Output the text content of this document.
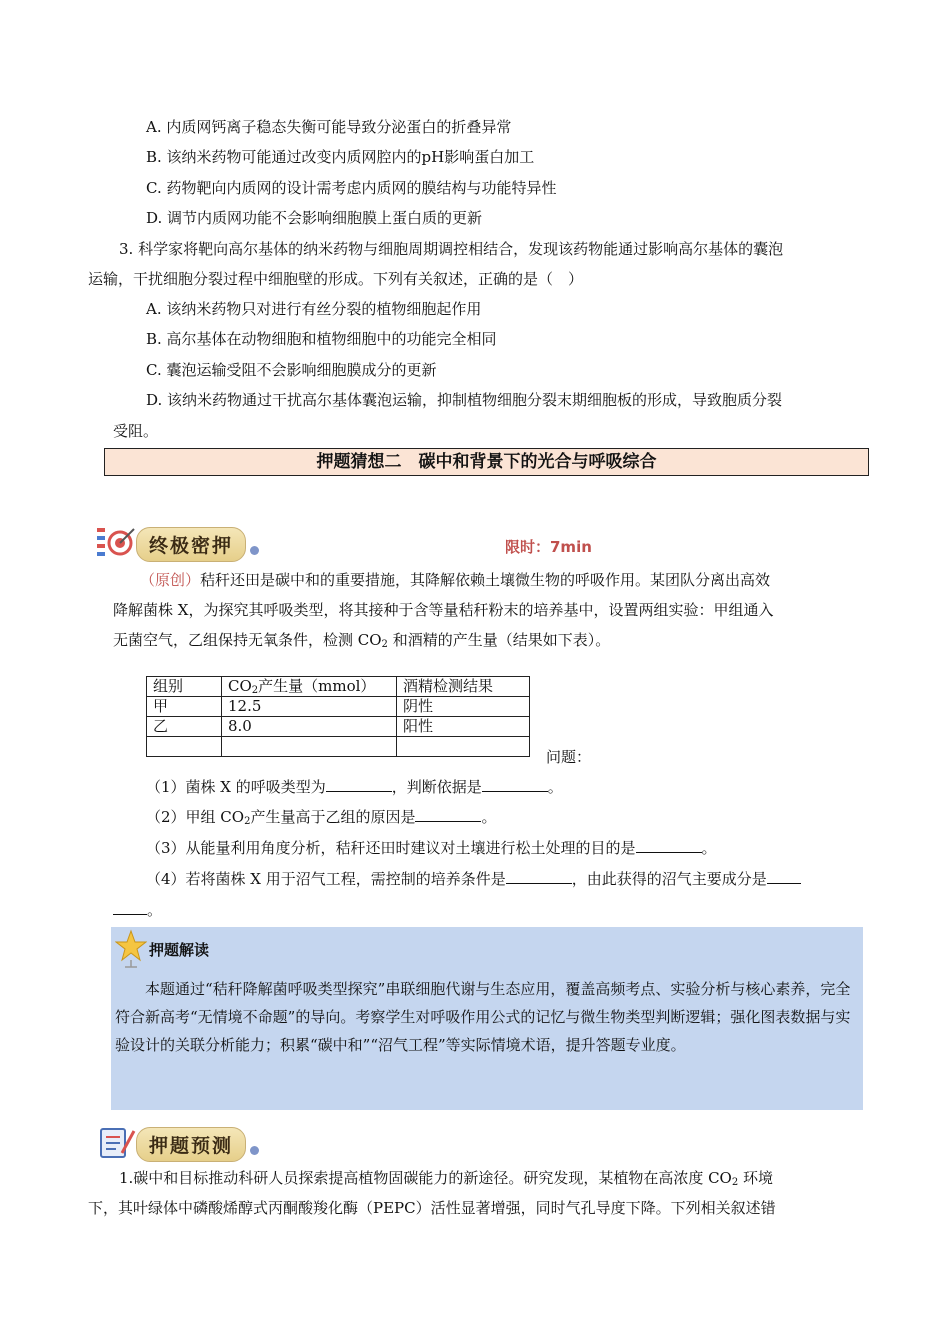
A. 内质网钙离子稳态失衡可能导致分泌蛋白的折叠异常
B. 该纳米药物可能通过改变内质网腔内的pH影响蛋白加工
C. 药物靶向内质网的设计需考虑内质网的膜结构与功能特异性
D. 调节内质网功能不会影响细胞膜上蛋白质的更新
3. 科学家将靶向高尔基体的纳米药物与细胞周期调控相结合，发现该药物能通过影响高尔基体的囊泡
运输，干扰细胞分裂过程中细胞壁的形成。下列有关叙述，正确的是（　）
A. 该纳米药物只对进行有丝分裂的植物细胞起作用
B. 高尔基体在动物细胞和植物细胞中的功能完全相同
C. 囊泡运输受阻不会影响细胞膜成分的更新
D. 该纳米药物通过干扰高尔基体囊泡运输，抑制植物细胞分裂末期细胞板的形成，导致胞质分裂
受阻。
押题猜想二　碳中和背景下的光合与呼吸综合
终极密押	限时：7min
（原创）秸秆还田是碳中和的重要措施，其降解依赖土壤微生物的呼吸作用。某团队分离出高效
降解菌株 X，为探究其呼吸类型，将其接种于含等量秸秆粉末的培养基中，设置两组实验：甲组通入
无菌空气，乙组保持无氧条件，检测 $CO_2$ 和酒精的产生量（结果如下表）。
组别	$CO_2$产生量（mmol）	酒精检测结果
甲	12.5	阴性
乙	8.0	阳性

问题：
（1）菌株 X 的呼吸类型为	，判断依据是	。
（2）甲组 $CO_2$产生量高于乙组的原因是	。
（3）从能量利用角度分析，秸秆还田时建议对土壤进行松土处理的目的是	。
（4）若将菌株 X 用于沼气工程，需控制的培养条件是	，由此获得的沼气主要成分是
。
押题解读
本题通过“秸秆降解菌呼吸类型探究”串联细胞代谢与生态应用，覆盖高频考点、实验分析与核心素养，完全符合新高考“无情境不命题”的导向。考察学生对呼吸作用公式的记忆与微生物类型判断逻辑；强化图表数据与实验设计的关联分析能力；积累“碳中和”“沼气工程”等实际情境术语，提升答题专业度。
押题预测
1.碳中和目标推动科研人员探索提高植物固碳能力的新途径。研究发现，某植物在高浓度 $CO_2$ 环境
下，其叶绿体中磷酸烯醇式丙酮酸羧化酶（PEPC）活性显著增强，同时气孔导度下降。下列相关叙述错
